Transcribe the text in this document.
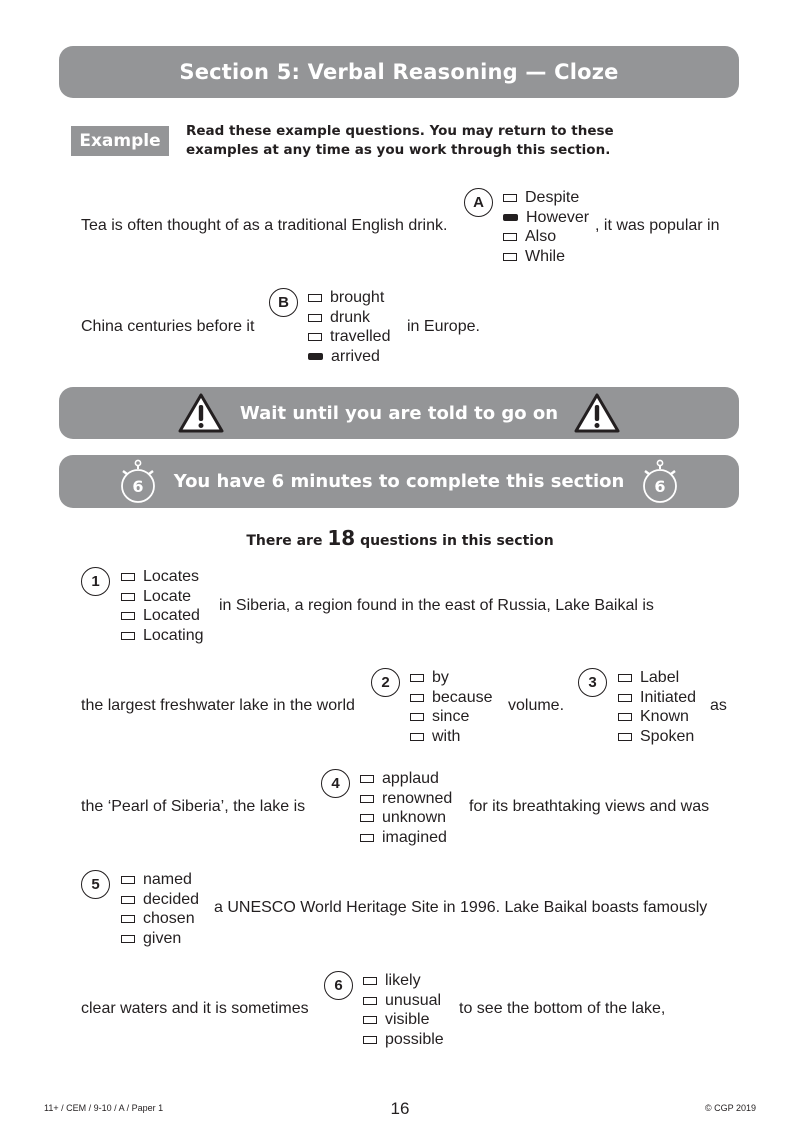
Section 5: Verbal Reasoning — Cloze
Example	Read these example questions. You may return to these examples at any time as you work through this section.
Tea is often thought of as a traditional English drink.
A	Despite
However
Also
While
, it was popular in
China centuries before it
B	brought
drunk
travelled
arrived
in Europe.
Wait until you are told to go on
6 You have 6 minutes to complete this section 6
There are 18 questions in this section
1	Locates
Locate
Located
Locating
in Siberia, a region found in the east of Russia, Lake Baikal is
the largest freshwater lake in the world
2	by
because
since
with
volume.
3	Label
Initiated
Known
Spoken
as
the ‘Pearl of Siberia’, the lake is
4	applaud
renowned
unknown
imagined
for its breathtaking views and was
5	named
decided
chosen
given
a UNESCO World Heritage Site in 1996. Lake Baikal boasts famously
clear waters and it is sometimes
6	likely
unusual
visible
possible
to see the bottom of the lake,
11+ / CEM / 9-10 / A / Paper 1	16	© CGP 2019
